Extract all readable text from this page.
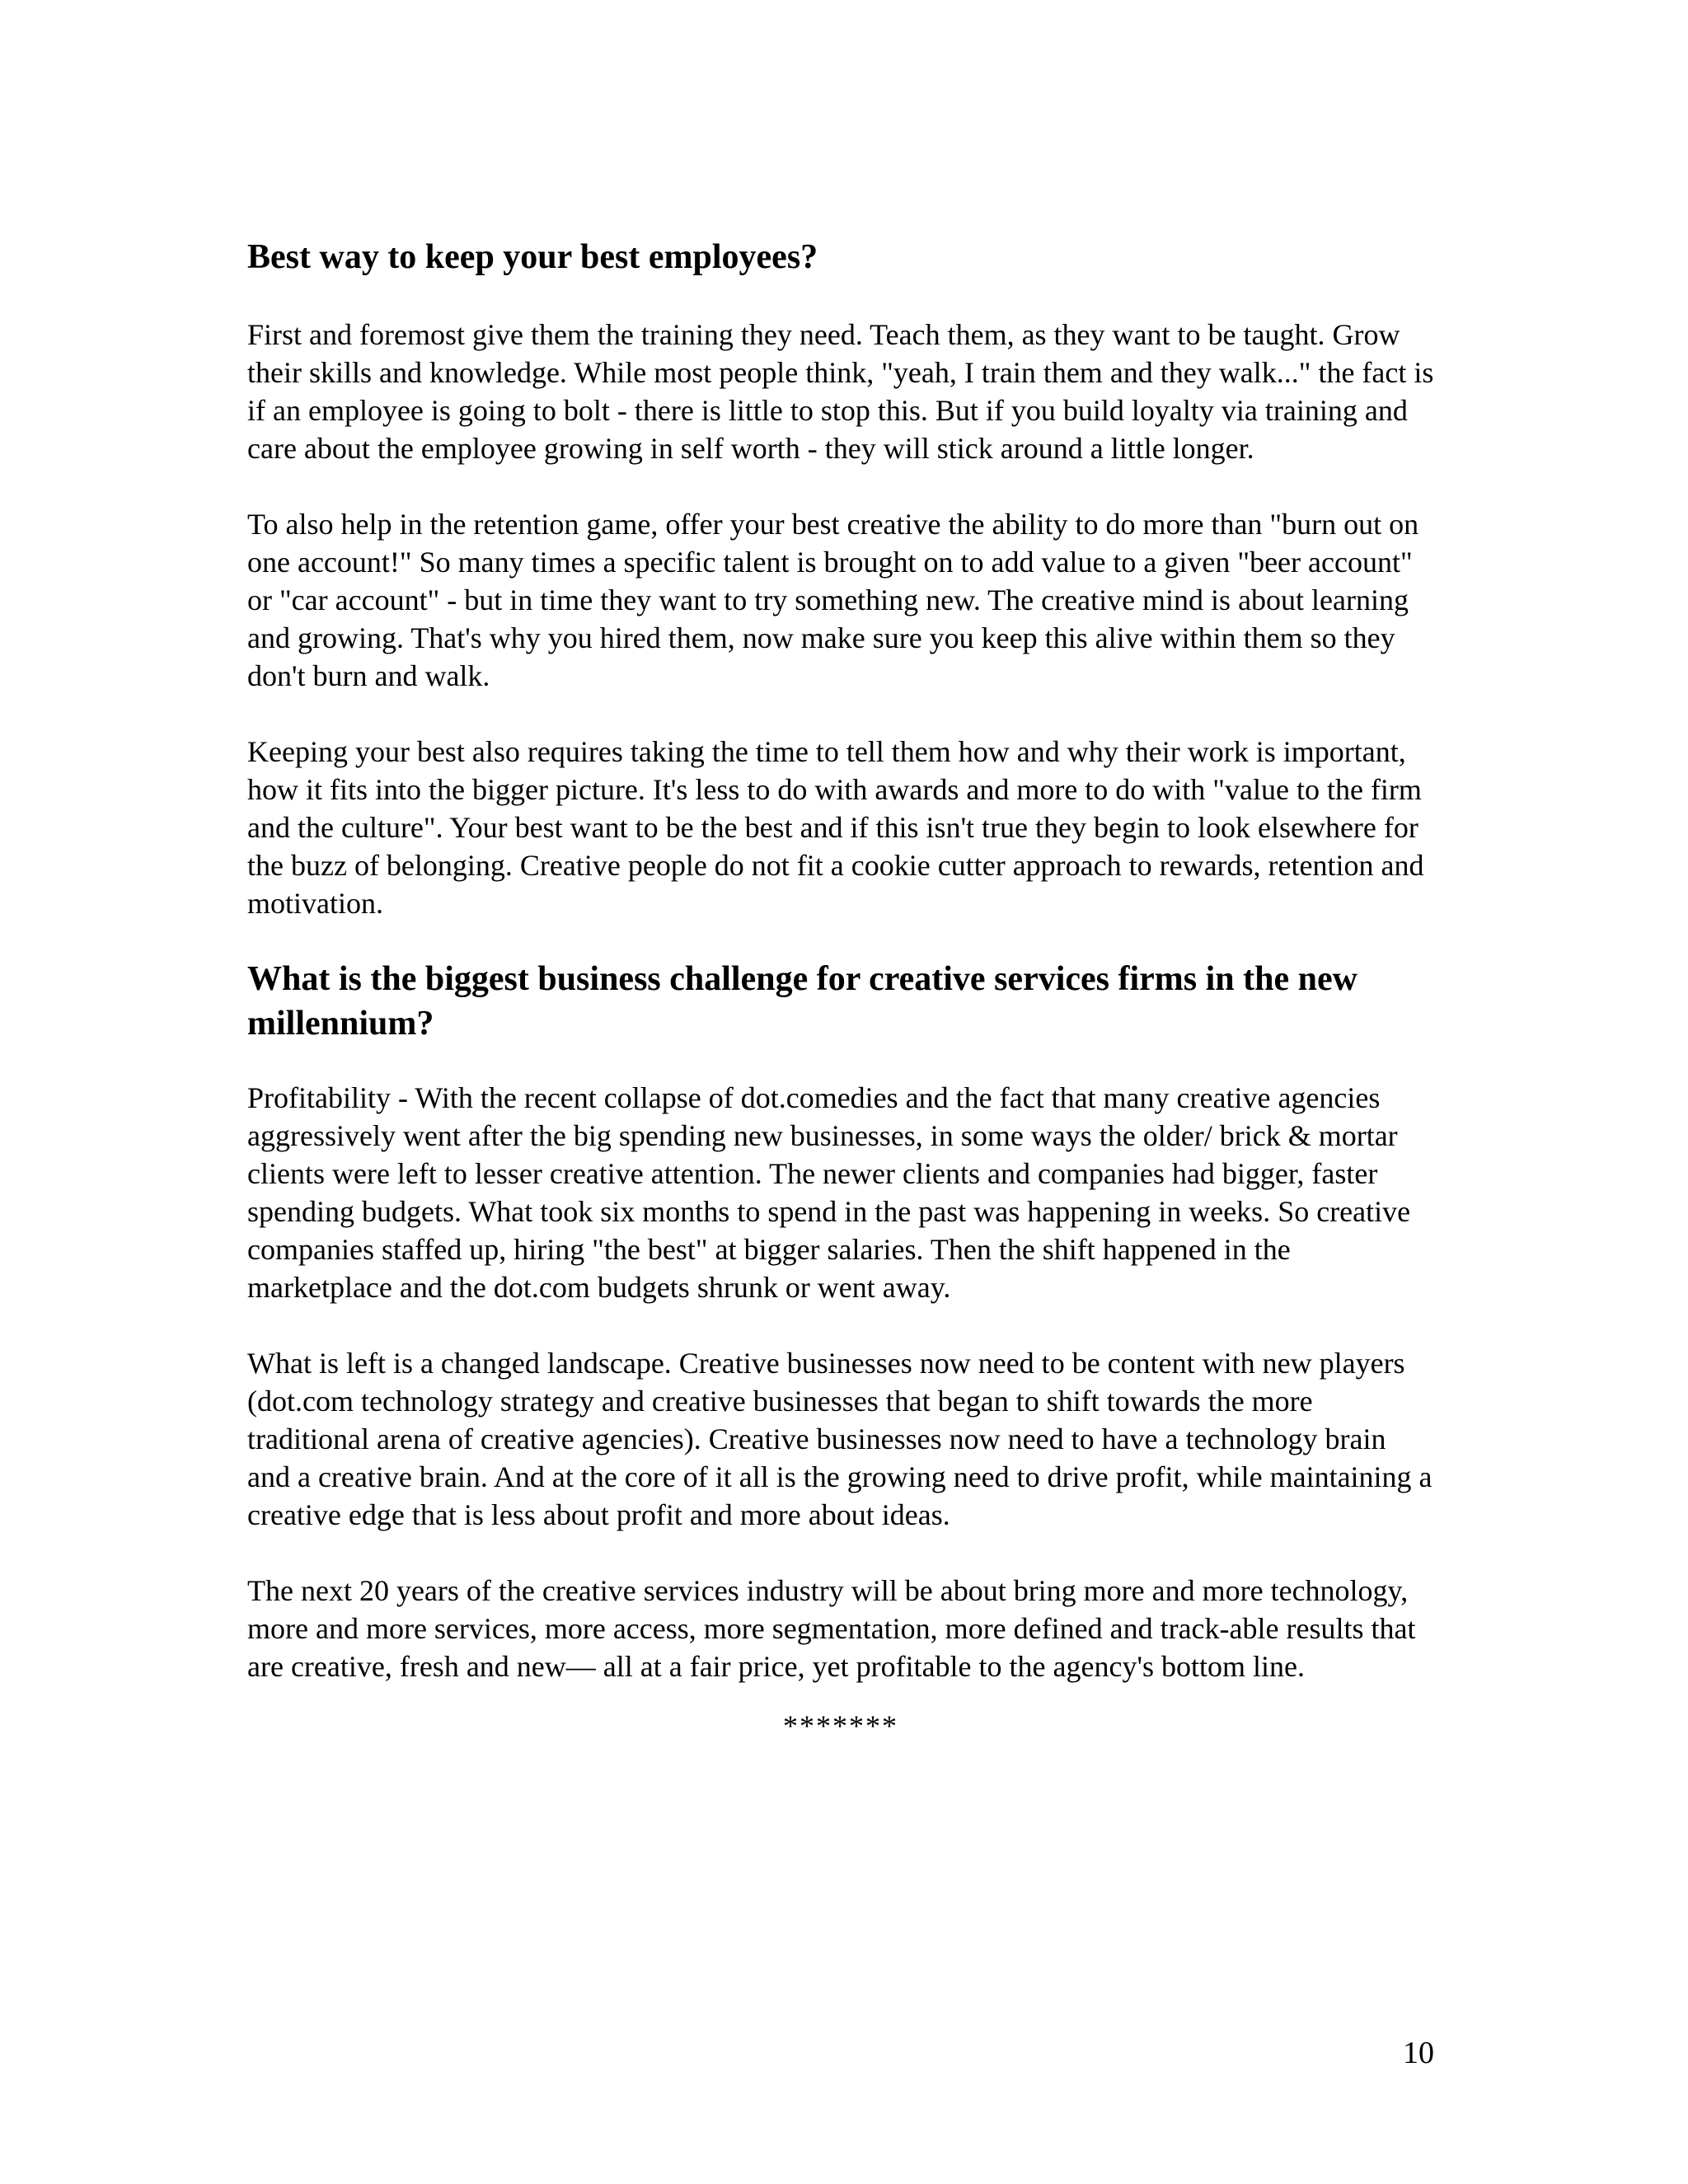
Best way to keep your best employees?

First and foremost give them the training they need. Teach them, as they want to be taught. Grow their skills and knowledge. While most people think, "yeah, I train them and they walk..." the fact is if an employee is going to bolt - there is little to stop this. But if you build loyalty via training and care about the employee growing in self worth - they will stick around a little longer.

To also help in the retention game, offer your best creative the ability to do more than "burn out on one account!" So many times a specific talent is brought on to add value to a given "beer account" or "car account" - but in time they want to try something new. The creative mind is about learning and growing. That's why you hired them, now make sure you keep this alive within them so they don't burn and walk.

Keeping your best also requires taking the time to tell them how and why their work is important, how it fits into the bigger picture. It's less to do with awards and more to do with "value to the firm and the culture". Your best want to be the best and if this isn't true they begin to look elsewhere for the buzz of belonging. Creative people do not fit a cookie cutter approach to rewards, retention and motivation.

What is the biggest business challenge for creative services firms in the new millennium?

Profitability - With the recent collapse of dot.comedies and the fact that many creative agencies aggressively went after the big spending new businesses, in some ways the older/ brick & mortar clients were left to lesser creative attention. The newer clients and companies had bigger, faster spending budgets. What took six months to spend in the past was happening in weeks. So creative companies staffed up, hiring "the best" at bigger salaries. Then the shift happened in the marketplace and the dot.com budgets shrunk or went away.

What is left is a changed landscape. Creative businesses now need to be content with new players (dot.com technology strategy and creative businesses that began to shift towards the more traditional arena of creative agencies). Creative businesses now need to have a technology brain and a creative brain. And at the core of it all is the growing need to drive profit, while maintaining a creative edge that is less about profit and more about ideas.

The next 20 years of the creative services industry will be about bring more and more technology, more and more services, more access, more segmentation, more defined and track-able results that are creative, fresh and new— all at a fair price, yet profitable to the agency's bottom line.

*******
10
